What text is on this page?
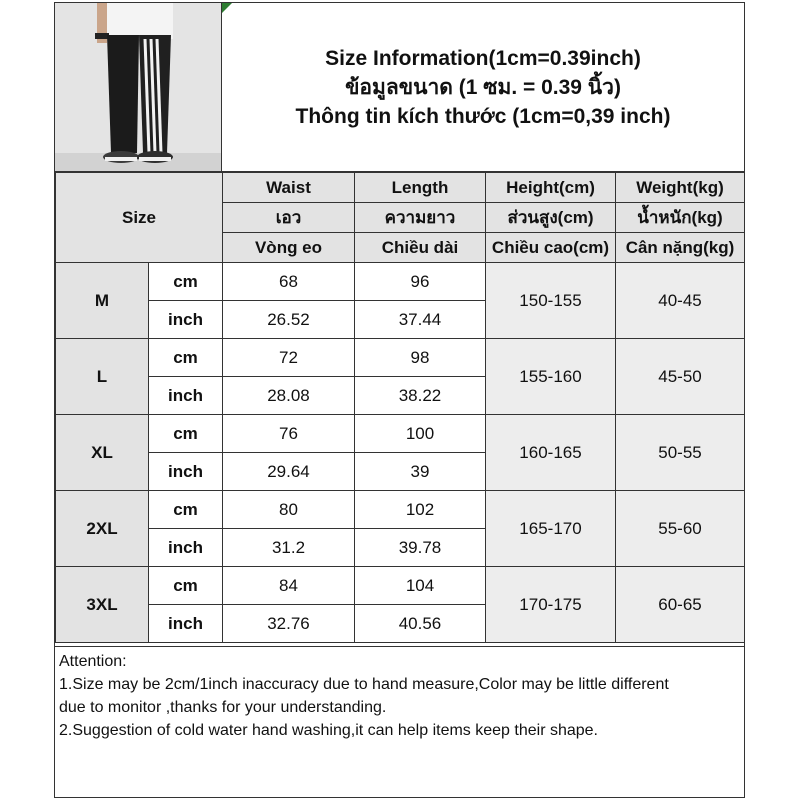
Size Information(1cm=0.39inch)
ข้อมูลขนาด (1 ซม. = 0.39 นิ้ว)
Thông tin kích thước (1cm=0,39 inch)
Size		Waist	Length	Height(cm)	Weight(kg)
		เอว	ความยาว	ส่วนสูง(cm)	น้ำหนัก(kg)
		Vòng eo	Chiều dài	Chiều cao(cm)	Cân nặng(kg)
M	cm	68	96	150-155	40-45
	inch	26.52	37.44		
L	cm	72	98	155-160	45-50
	inch	28.08	38.22		
XL	cm	76	100	160-165	50-55
	inch	29.64	39		
2XL	cm	80	102	165-170	55-60
	inch	31.2	39.78		
3XL	cm	84	104	170-175	60-65
	inch	32.76	40.56		
Attention:
1.Size may be 2cm/1inch inaccuracy due to hand measure,Color may be little different
due to monitor ,thanks for your understanding.
2.Suggestion of cold water hand washing,it can help items keep their shape.
